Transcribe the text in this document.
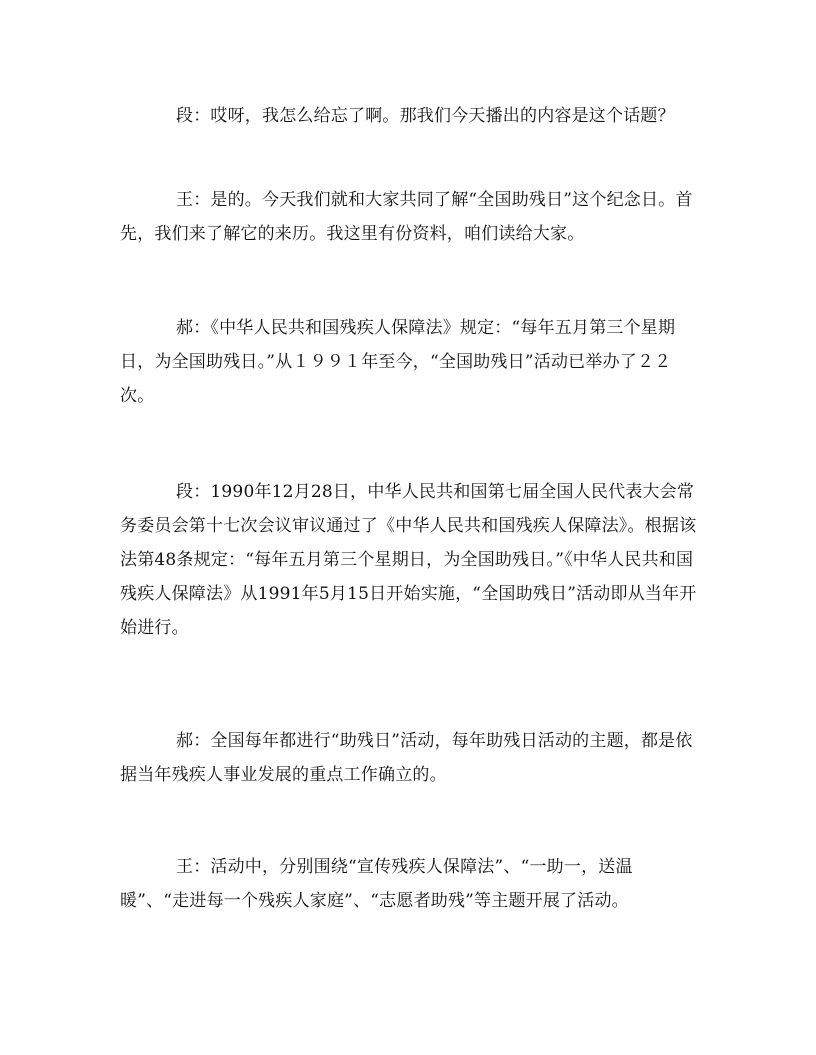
段：哎呀，我怎么给忘了啊。那我们今天播出的内容是这个话题？

王：是的。今天我们就和大家共同了解“全国助残日”这个纪念日。首先，我们来了解它的来历。我这里有份资料，咱们读给大家。

郝：《中华人民共和国残疾人保障法》规定：“每年五月第三个星期日，为全国助残日。”从１９９１年至今，“全国助残日”活动已举办了２２次。

段：1990年12月28日，中华人民共和国第七届全国人民代表大会常务委员会第十七次会议审议通过了《中华人民共和国残疾人保障法》。根据该法第48条规定：“每年五月第三个星期日，为全国助残日。”《中华人民共和国残疾人保障法》从1991年5月15日开始实施，“全国助残日”活动即从当年开始进行。

郝：全国每年都进行“助残日”活动，每年助残日活动的主题，都是依据当年残疾人事业发展的重点工作确立的。

王：活动中，分别围绕“宣传残疾人保障法”、“一助一，送温暖”、“走进每一个残疾人家庭”、“志愿者助残”等主题开展了活动。
